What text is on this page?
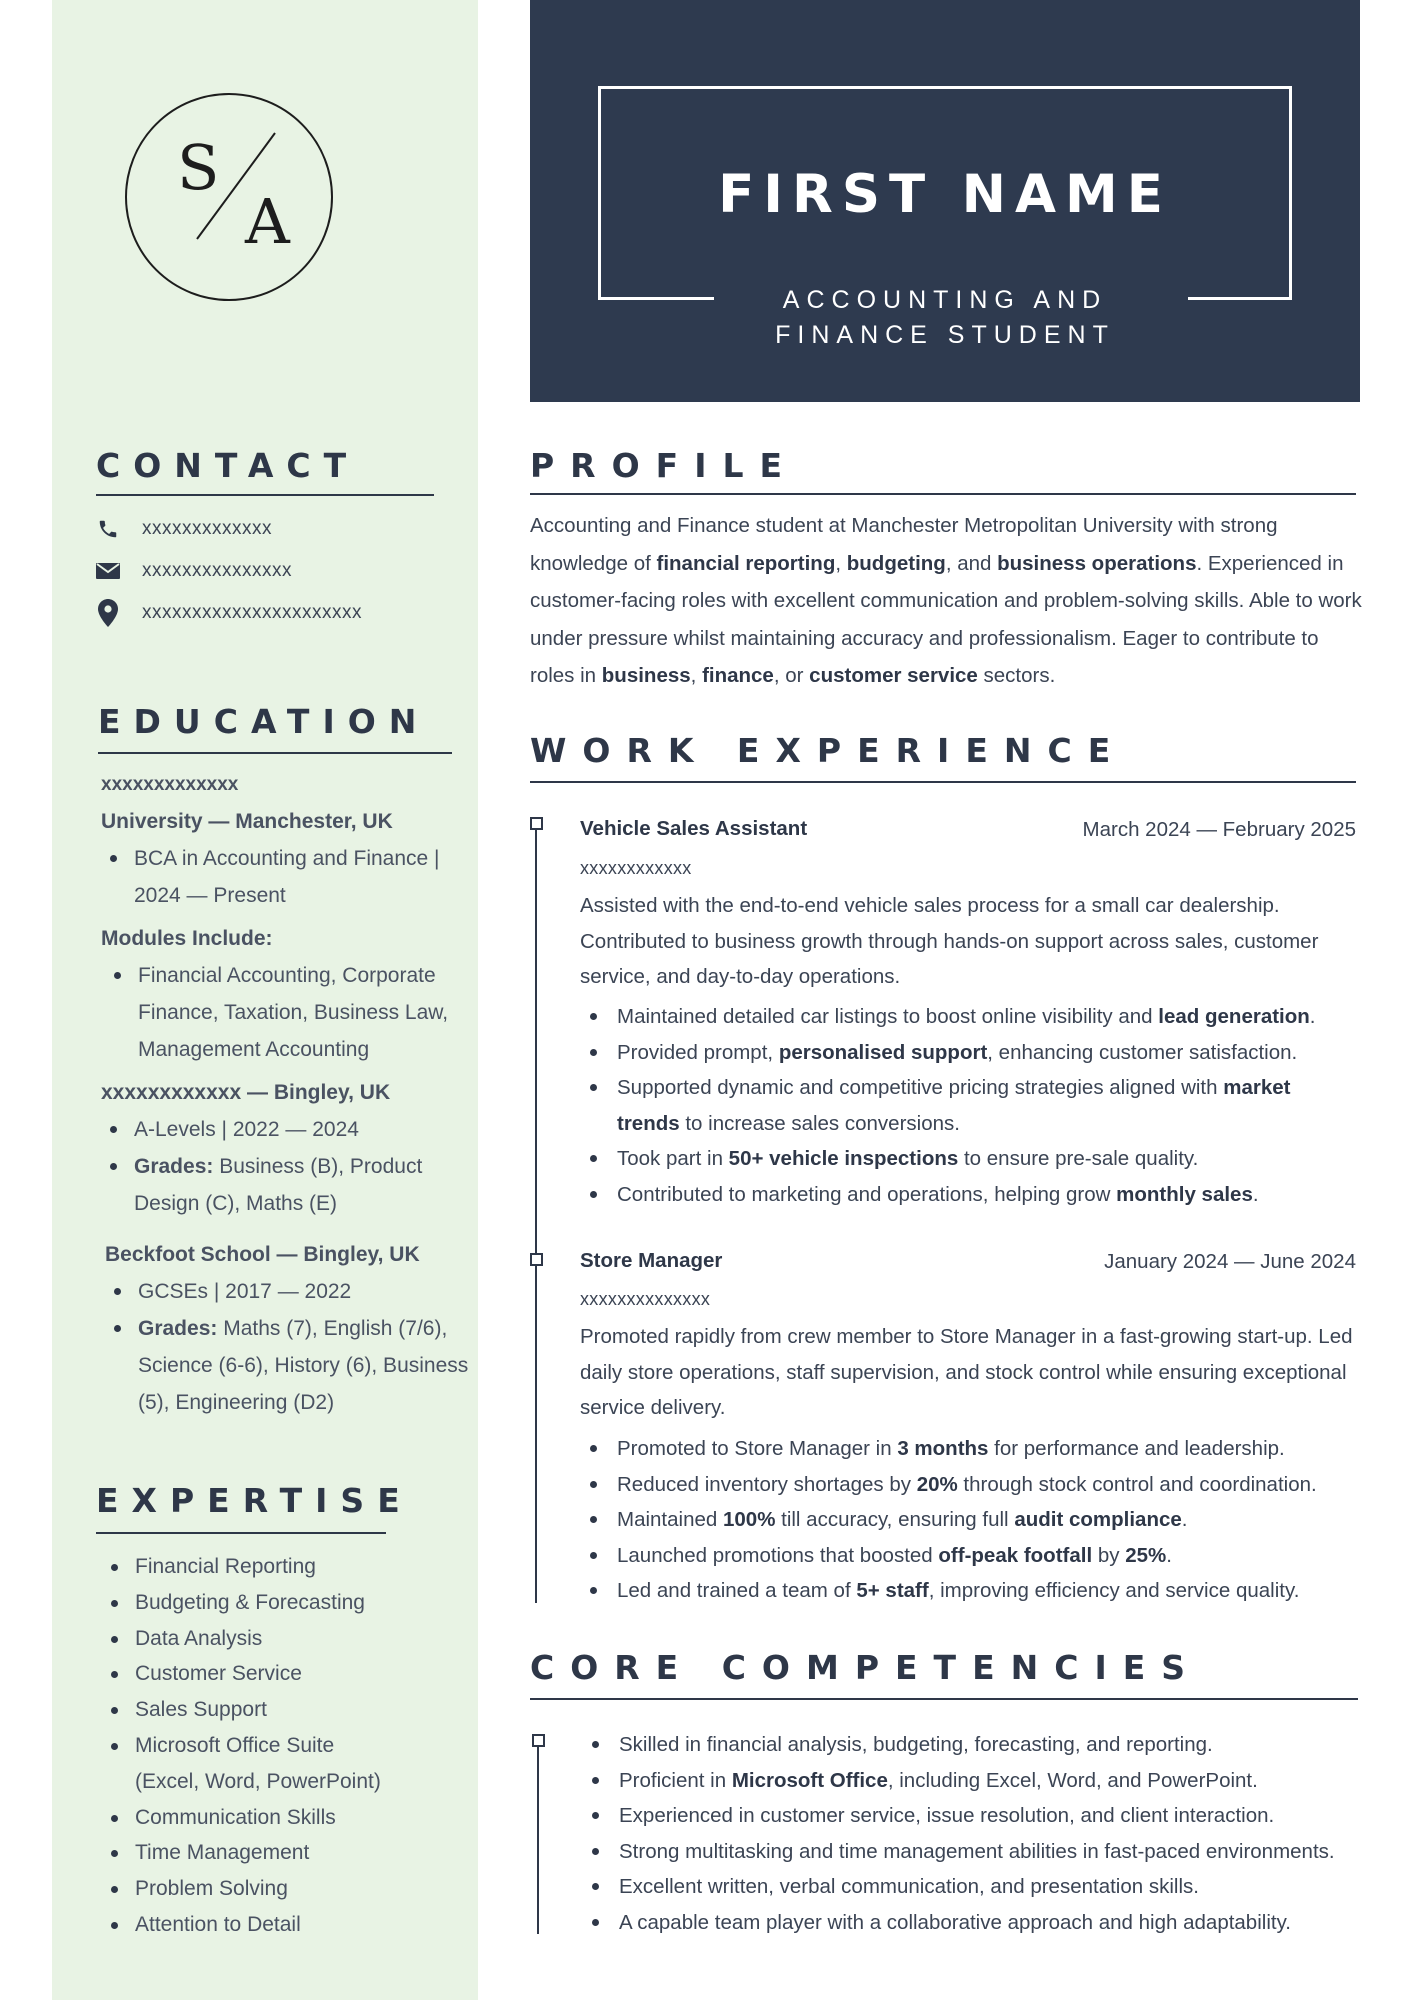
S
A
CONTACT
xxxxxxxxxxxxx
xxxxxxxxxxxxxxx
xxxxxxxxxxxxxxxxxxxxxx
EDUCATION
xxxxxxxxxxxxx
University — Manchester, UK
BCA in Accounting and Finance | 2024 — Present
Modules Include:
Financial Accounting, Corporate Finance, Taxation, Business Law, Management Accounting
xxxxxxxxxxxx — Bingley, UK
A-Levels | 2022 — 2024
Grades: Business (B), Product Design (C), Maths (E)
Beckfoot School — Bingley, UK
GCSEs | 2017 — 2022
Grades: Maths (7), English (7/6), Science (6-6), History (6), Business (5), Engineering (D2)
EXPERTISE
Financial Reporting
Budgeting & Forecasting
Data Analysis
Customer Service
Sales Support
Microsoft Office Suite (Excel, Word, PowerPoint)
Communication Skills
Time Management
Problem Solving
Attention to Detail
FIRST NAME
ACCOUNTING AND
FINANCE STUDENT
PROFILE
Accounting and Finance student at Manchester Metropolitan University with strong knowledge of financial reporting, budgeting, and business operations. Experienced in customer-facing roles with excellent communication and problem-solving skills. Able to work under pressure whilst maintaining accuracy and professionalism. Eager to contribute to roles in business, finance, or customer service sectors.
WORK EXPERIENCE
Vehicle Sales Assistant	March 2024 — February 2025
xxxxxxxxxxxx
Assisted with the end-to-end vehicle sales process for a small car dealership. Contributed to business growth through hands-on support across sales, customer service, and day-to-day operations.
Maintained detailed car listings to boost online visibility and lead generation.
Provided prompt, personalised support, enhancing customer satisfaction.
Supported dynamic and competitive pricing strategies aligned with market trends to increase sales conversions.
Took part in 50+ vehicle inspections to ensure pre-sale quality.
Contributed to marketing and operations, helping grow monthly sales.
Store Manager	January 2024 — June 2024
xxxxxxxxxxxxxx
Promoted rapidly from crew member to Store Manager in a fast-growing start-up. Led daily store operations, staff supervision, and stock control while ensuring exceptional service delivery.
Promoted to Store Manager in 3 months for performance and leadership.
Reduced inventory shortages by 20% through stock control and coordination.
Maintained 100% till accuracy, ensuring full audit compliance.
Launched promotions that boosted off-peak footfall by 25%.
Led and trained a team of 5+ staff, improving efficiency and service quality.
CORE COMPETENCIES
Skilled in financial analysis, budgeting, forecasting, and reporting.
Proficient in Microsoft Office, including Excel, Word, and PowerPoint.
Experienced in customer service, issue resolution, and client interaction.
Strong multitasking and time management abilities in fast-paced environments.
Excellent written, verbal communication, and presentation skills.
A capable team player with a collaborative approach and high adaptability.
